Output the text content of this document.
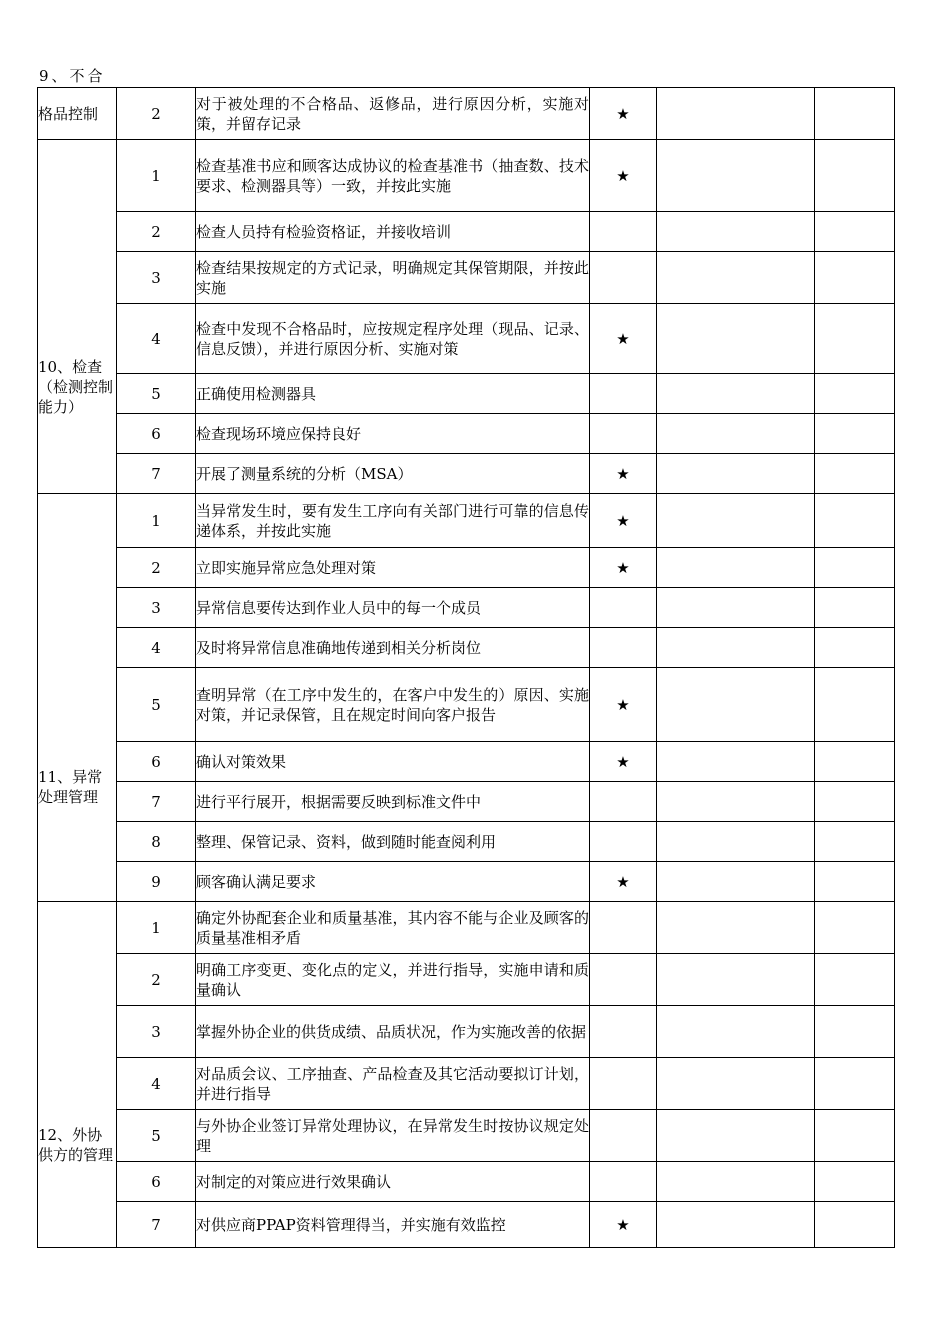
9、不合
格品控制	2	对于被处理的不合格品、返修品，进行原因分析，实施对策，并留存记录	★		

10、检查（检测控制能力）	1	检查基准书应和顾客达成协议的检查基准书（抽查数、技术要求、检测器具等）一致，并按此实施	★		
	2	检查人员持有检验资格证，并接收培训			
	3	检查结果按规定的方式记录，明确规定其保管期限，并按此实施			
	4	检查中发现不合格品时，应按规定程序处理（现品、记录、信息反馈），并进行原因分析、实施对策	★		
	5	正确使用检测器具			
	6	检查现场环境应保持良好			
	7	开展了测量系统的分析（MSA）	★		

11、异常处理管理	1	当异常发生时，要有发生工序向有关部门进行可靠的信息传递体系，并按此实施	★		
	2	立即实施异常应急处理对策	★		
	3	异常信息要传达到作业人员中的每一个成员			
	4	及时将异常信息准确地传递到相关分析岗位			
	5	查明异常（在工序中发生的，在客户中发生的）原因、实施对策，并记录保管，且在规定时间向客户报告	★		
	6	确认对策效果	★		
	7	进行平行展开，根据需要反映到标准文件中			
	8	整理、保管记录、资料，做到随时能查阅利用			
	9	顾客确认满足要求	★		

12、外协供方的管理	1	确定外协配套企业和质量基准，其内容不能与企业及顾客的质量基准相矛盾			
	2	明确工序变更、变化点的定义，并进行指导，实施申请和质量确认			
	3	掌握外协企业的供货成绩、品质状况，作为实施改善的依据			
	4	对品质会议、工序抽查、产品检查及其它活动要拟订计划，并进行指导			
	5	与外协企业签订异常处理协议，在异常发生时按协议规定处理			
	6	对制定的对策应进行效果确认			
	7	对供应商PPAP资料管理得当，并实施有效监控	★		
